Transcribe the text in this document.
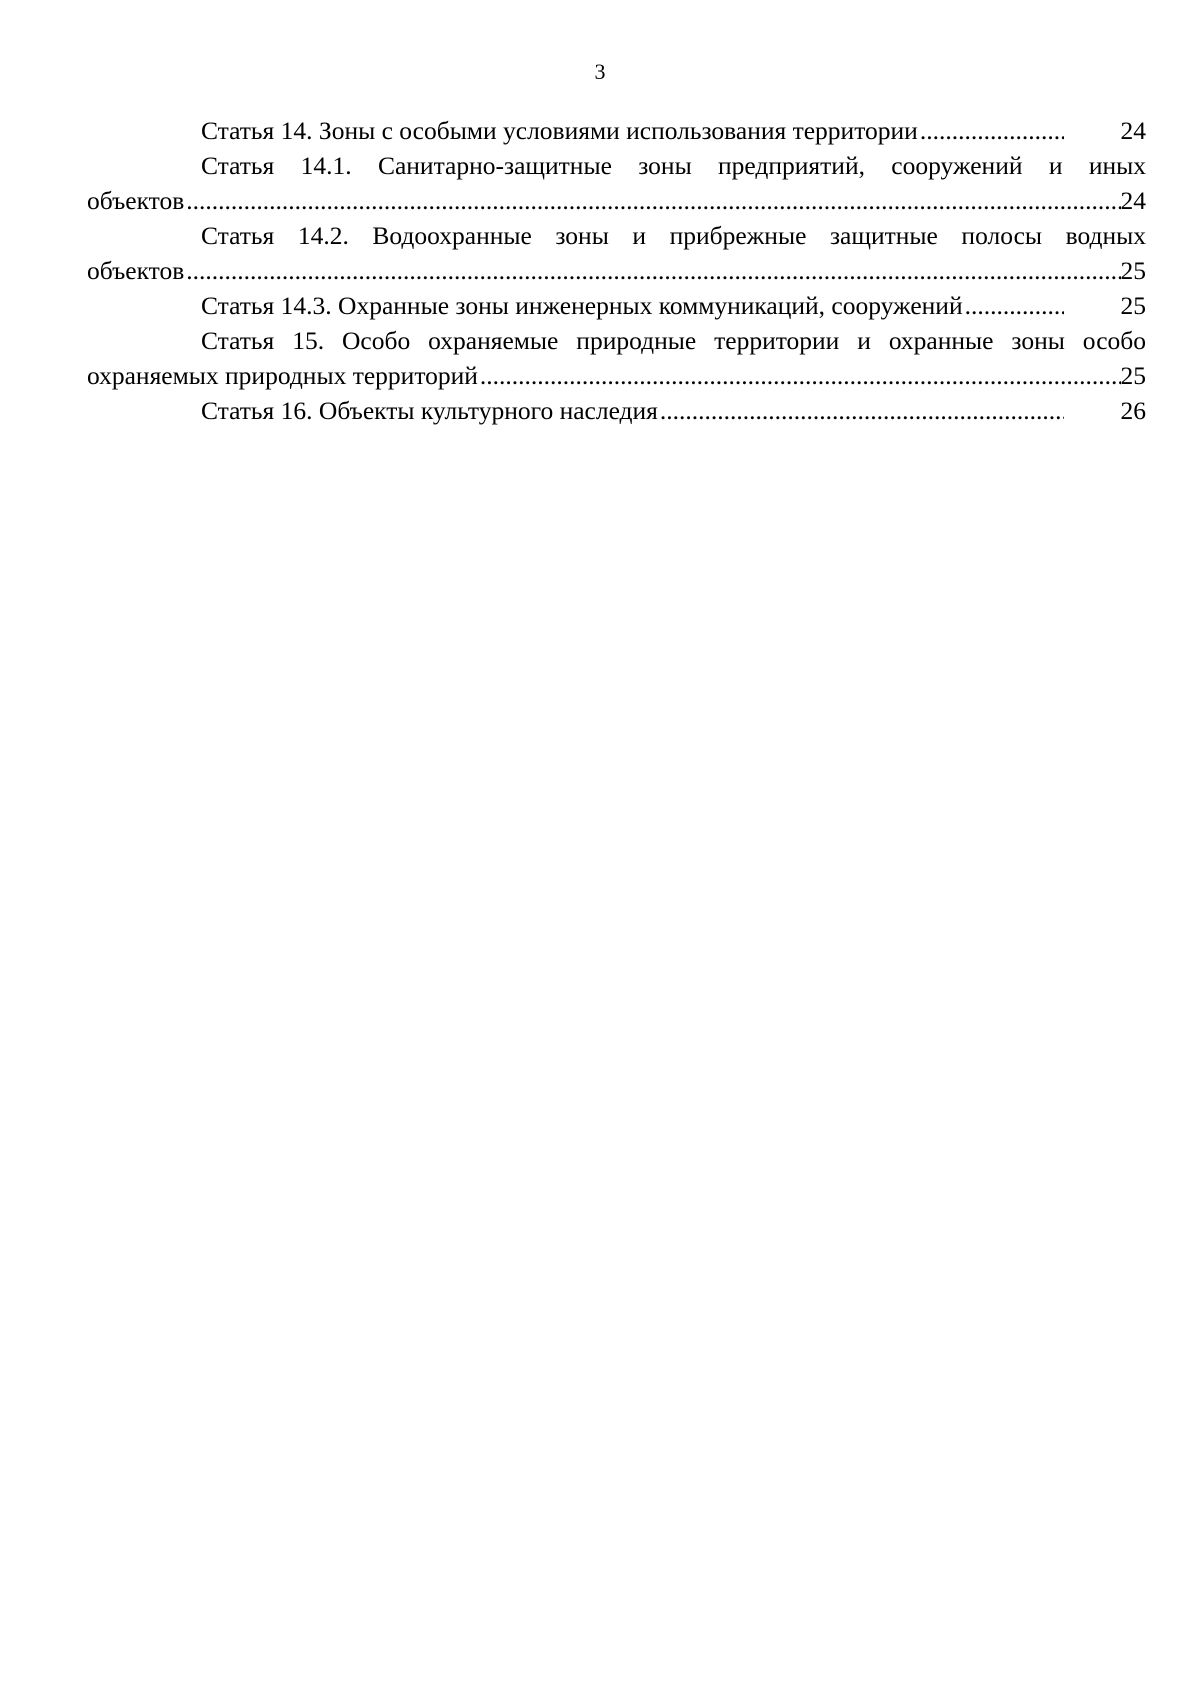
3

Статья 14. Зоны с особыми условиями использования территории .....	24

Статья 14.1. Санитарно-защитные зоны предприятий, сооружений и иных
объектов .....	24
Статья 14.2. Водоохранные зоны и прибрежные защитные полосы водных
объектов .....	25

Статья 14.3. Охранные зоны инженерных коммуникаций, сооружений .....	25

Статья 15. Особо охраняемые природные территории и охранные зоны особо
охраняемых природных территорий .....	25

Статья 16. Объекты культурного наследия .....	26
